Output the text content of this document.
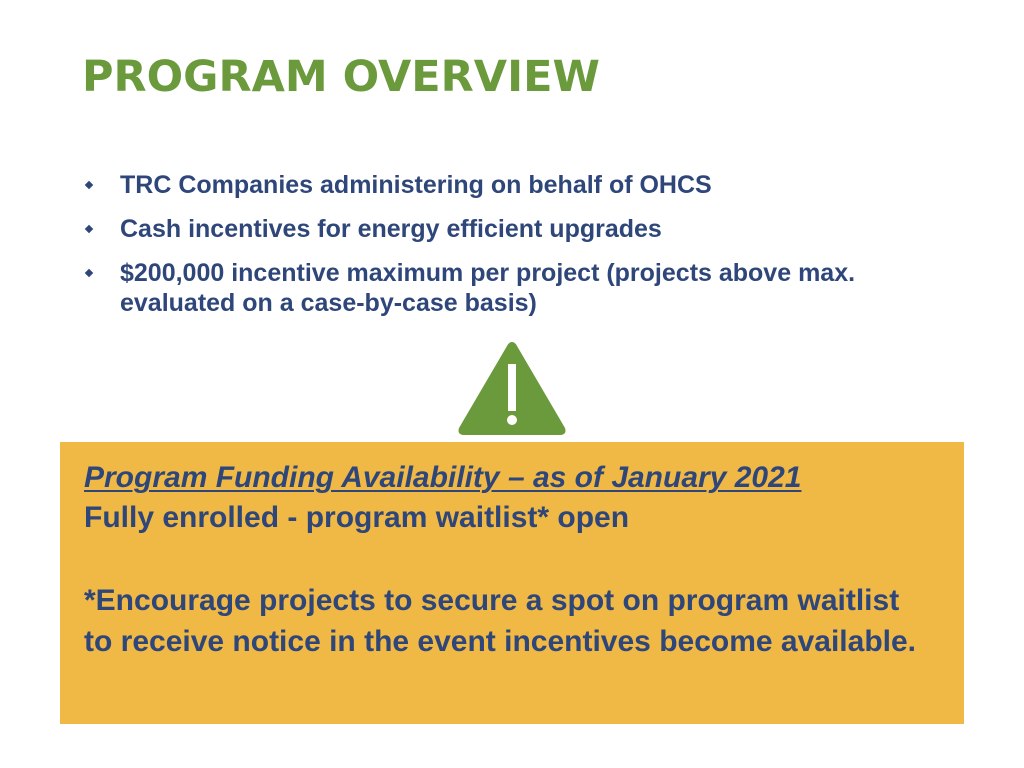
PROGRAM OVERVIEW
TRC Companies administering on behalf of OHCS
Cash incentives for energy efficient upgrades
$200,000 incentive maximum per project (projects above max. evaluated on a case-by-case basis)

Program Funding Availability – as of January 2021

Fully enrolled - program waitlist* open

*Encourage projects to secure a spot on program waitlist to receive notice in the event incentives become available.
